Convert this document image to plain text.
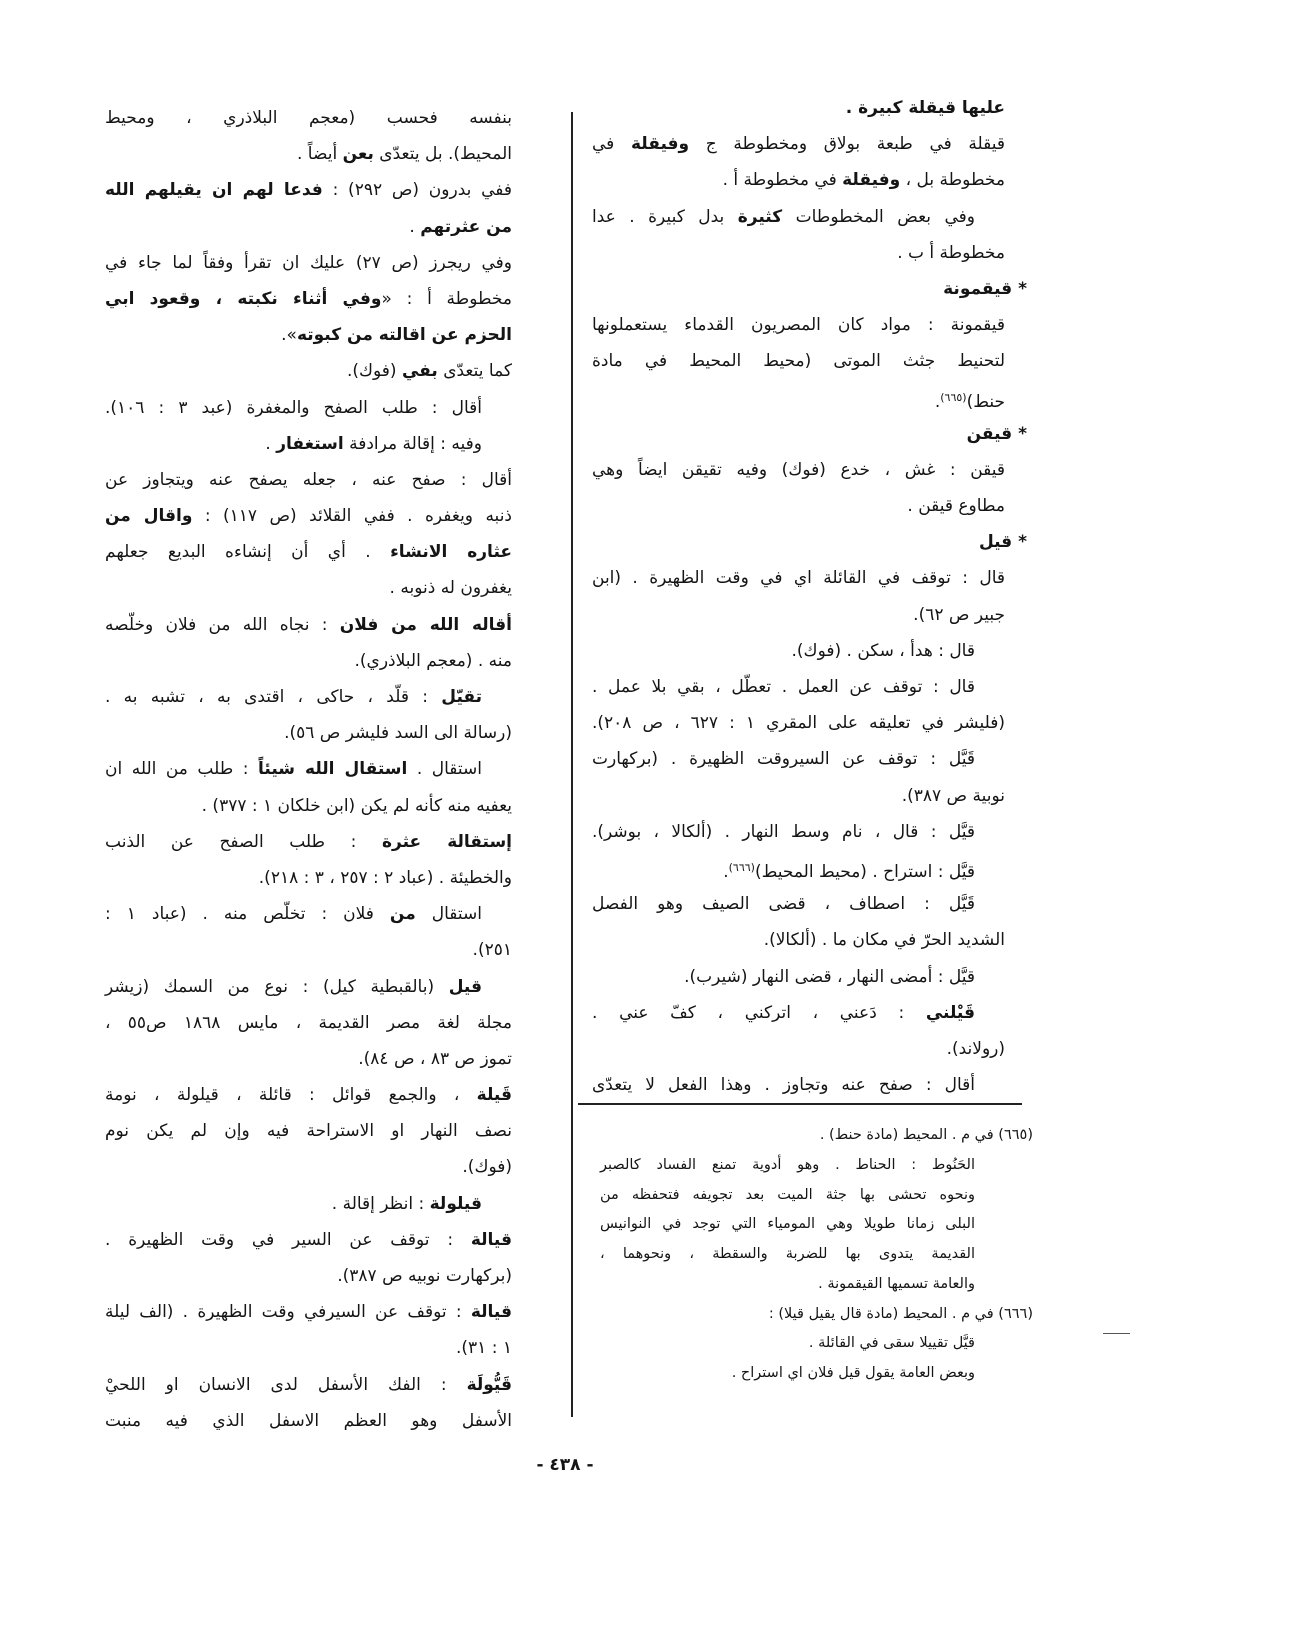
عليها قيقلة كبيرة .
قيقلة في طبعة بولاق ومخطوطة ج وفيقلة في
مخطوطة بل ، وفيقلة في مخطوطة أ .
وفي بعض المخطوطات كثيرة بدل كبيرة . عدا
مخطوطة أ ب .
* قيقمونة
قيقمونة : مواد كان المصريون القدماء يستعملونها
لتحنيط جثث الموتى (محيط المحيط في مادة
حنط)$^{(٦٦٥)}$.
* قيقن
قيقن : غش ، خدع (فوك) وفيه تقيقن ايضاً وهي
مطاوع قيقن .
* قيل
قال : توقف في القائلة اي في وقت الظهيرة . (ابن
جبير ص ٦٢).
قال : هدأ ، سكن . (فوك).
قال : توقف عن العمل . تعطّل ، بقي بلا عمل .
(فليشر في تعليقه على المقري ١ : ٦٢٧ ، ص ٢٠٨).
قَيَّل : توقف عن السيروقت الظهيرة . (بركهارت
نوبية ص ٣٨٧).
قيَّل : قال ، نام وسط النهار . (ألكالا ، بوشر).
قيَّل : استراح . (محيط المحيط)$^{(٦٦٦)}$.
قَيَّل : اصطاف ، قضى الصيف وهو الفصل
الشديد الحرّ في مكان ما . (ألكالا).
قيَّل : أمضى النهار ، قضى النهار (شيرب).
قَيْلني : دَعني ، اتركني ، كفّ عني .
(رولاند).
أقال : صفح عنه وتجاوز . وهذا الفعل لا يتعدّى
(٦٦٥) في م . المحيط (مادة حنط) .
الحَنُوط : الحناط . وهو أدوية تمنع الفساد كالصبر
ونحوه تحشى بها جثة الميت بعد تجويفه فتحفظه من
البلى زمانا طويلا وهي المومياء التي توجد في النوانيس
القديمة يتدوى بها للضربة والسقطة ، ونحوهما ،
والعامة تسميها القيقمونة .
(٦٦٦) في م . المحيط (مادة قال يقيل قيلا) :
قيَّل تقييلا سقى في القائلة .
وبعض العامة يقول قيل فلان اي استراح .
بنفسه فحسب (معجم البلاذري ، ومحيط
المحيط). بل يتعدّى بعن أيضاً .
ففي بدرون (ص ٢٩٢) : فدعا لهم ان يقيلهم الله
من عثرتهم .
وفي ريجرز (ص ٢٧) عليك ان تقرأ وفقاً لما جاء في
مخطوطة أ : «وفي أثناء نكبته ، وقعود ابي
الحزم عن اقالته من كبوته».
كما يتعدّى بفي (فوك).
أقال : طلب الصفح والمغفرة (عبد ٣ : ١٠٦).
وفيه : إقالة مرادفة استغفار .
أقال : صفح عنه ، جعله يصفح عنه ويتجاوز عن
ذنبه ويغفره . ففي القلائد (ص ١١٧) : واقال من
عثاره الانشاء . أي أن إنشاءه البديع جعلهم
يغفرون له ذنوبه .
أقاله الله من فلان : نجاه الله من فلان وخلّصه
منه . (معجم البلاذري).
تقيّل : قلّد ، حاكى ، اقتدى به ، تشبه به .
(رسالة الى السد فليشر ص ٥٦).
استقال . استقال الله شيئاً : طلب من الله ان
يعفيه منه كأنه لم يكن (ابن خلكان ١ : ٣٧٧) .
إستقالة عثرة : طلب الصفح عن الذنب
والخطيئة . (عباد ٢ : ٢٥٧ ، ٣ : ٢١٨).
استقال من فلان : تخلّص منه . (عباد ١ :
٢٥١).
قيل (بالقبطية كيل) : نوع من السمك (زيشر
مجلة لغة مصر القديمة ، مايس ١٨٦٨ ص٥٥ ،
تموز ص ٨٣ ، ص ٨٤).
قَيلة ، والجمع قوائل : قائلة ، قيلولة ، نومة
نصف النهار او الاستراحة فيه وإن لم يكن نوم
(فوك).
قيلولة : انظر إقالة .
قيالة : توقف عن السير في وقت الظهيرة .
(بركهارت نوبيه ص ٣٨٧).
قيالة : توقف عن السيرفي وقت الظهيرة . (الف ليلة
١ : ٣١).
قَيُّولَة : الفك الأسفل لدى الانسان او اللحيْ
الأسفل وهو العظم الاسفل الذي فيه منبت
- ٤٣٨ -
